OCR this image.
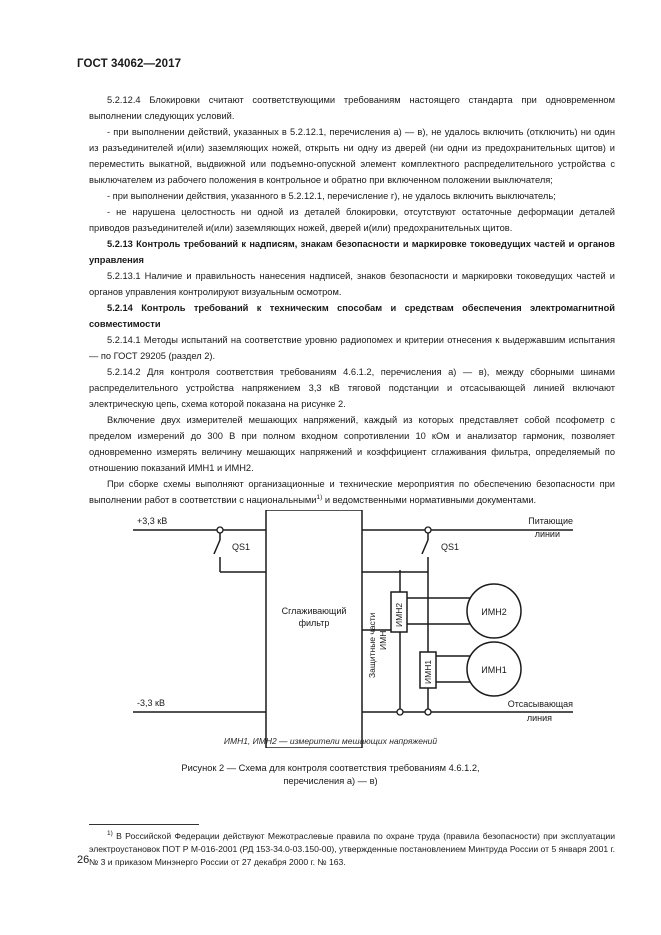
ГОСТ 34062—2017

5.2.12.4 Блокировки считают соответствующими требованиям настоящего стандарта при одновременном выполнении следующих условий.

- при выполнении действий, указанных в 5.2.12.1, перечисления а) — в), не удалось включить (отключить) ни один из разъединителей и(или) заземляющих ножей, открыть ни одну из дверей (ни одни из предохранительных щитов) и переместить выкатной, выдвижной или подъемно-опускной элемент комплектного распределительного устройства с выключателем из рабочего положения в контрольное и обратно при включенном положении выключателя;

- при выполнении действия, указанного в 5.2.12.1, перечисление г), не удалось включить выключатель;

- не нарушена целостность ни одной из деталей блокировки, отсутствуют остаточные деформации деталей приводов разъединителей и(или) заземляющих ножей, дверей и(или) предохранительных щитов.

5.2.13 Контроль требований к надписям, знакам безопасности и маркировке токоведущих частей и органов управления

5.2.13.1 Наличие и правильность нанесения надписей, знаков безопасности и маркировки токоведущих частей и органов управления контролируют визуальным осмотром.

5.2.14 Контроль требований к техническим способам и средствам обеспечения электромагнитной совместимости

5.2.14.1 Методы испытаний на соответствие уровню радиопомех и критерии отнесения к выдержавшим испытания — по ГОСТ 29205 (раздел 2).

5.2.14.2 Для контроля соответствия требованиям 4.6.1.2, перечисления а) — в), между сборными шинами распределительного устройства напряжением 3,3 кВ тяговой подстанции и отсасывающей линией включают электрическую цепь, схема которой показана на рисунке 2.

Включение двух измерителей мешающих напряжений, каждый из которых представляет собой псофометр с пределом измерений до 300 В при полном входном сопротивлении 10 кОм и анализатор гармоник, позволяет одновременно измерять величину мешающих напряжений и коэффициент сглаживания фильтра, определяемый по отношению показаний ИМН1 и ИМН2.

При сборке схемы выполняют организационные и технические мероприятия по обеспечению безопасности при выполнении работ в соответствии с национальными$^{1)}$ и ведомственными нормативными документами.

+3,3 кВ
-3,3 кВ
Питающие
линии
Отсасывающая
линия
QS1	QS1
Сглаживающий
фильтр	Защитные части ИМН
ИМН2
ИМН1
ИМН2
ИМН1
ИМН1, ИМН2 — измерители мешающих напряжений
Рисунок 2 — Схема для контроля соответствия требованиям 4.6.1.2,
перечисления а) — в)

$^{1)}$ В Российской Федерации действуют Межотраслевые правила по охране труда (правила безопасности) при эксплуатации электроустановок ПОТ Р М-016-2001 (РД 153-34.0-03.150-00), утвержденные постановлением Минтруда России от 5 января 2001 г. № 3 и приказом Минэнерго России от 27 декабря 2000 г. № 163.

26
